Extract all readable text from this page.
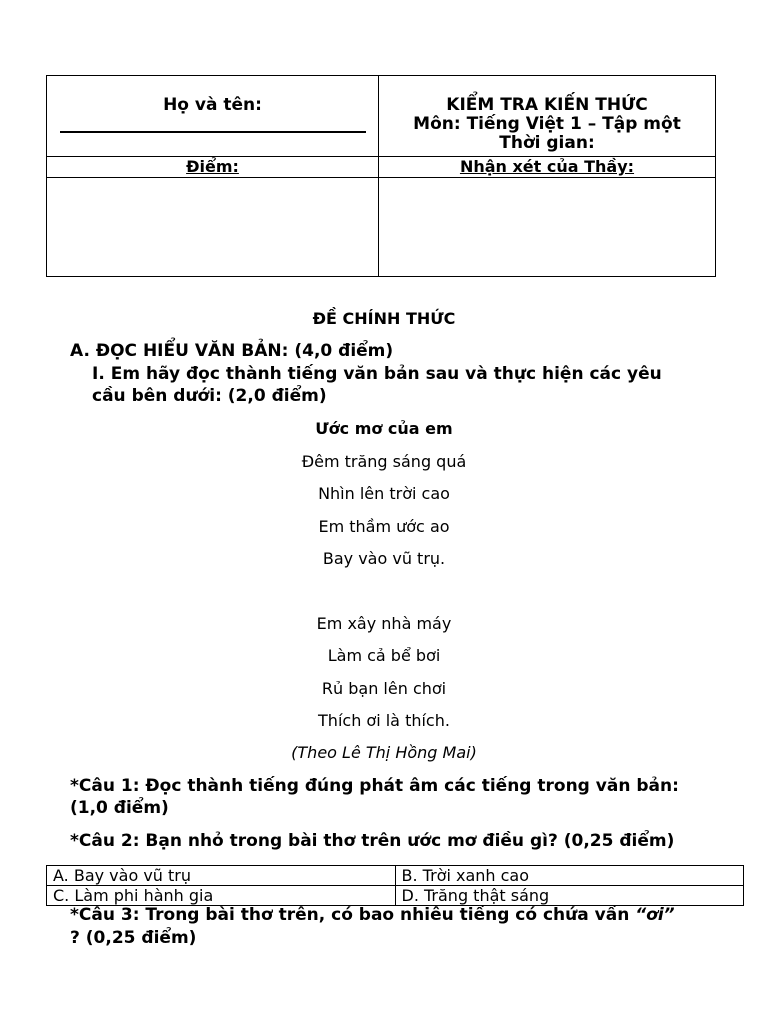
Họ và tên:	KIỂM TRA KIẾN THỨC
Môn: Tiếng Việt 1 – Tập một
Thời gian:

Điểm:	Nhận xét của Thầy:

ĐỀ CHÍNH THỨC
A. ĐỌC HIỂU VĂN BẢN: (4,0 điểm)
I. Em hãy đọc thành tiếng văn bản sau và thực hiện các yêu
cầu bên dưới: (2,0 điểm)
Ước mơ của em
Đêm trăng sáng quá
Nhìn lên trời cao
Em thầm ước ao
Bay vào vũ trụ.
Em xây nhà máy
Làm cả bể bơi
Rủ bạn lên chơi
Thích ơi là thích.
(Theo Lê Thị Hồng Mai)
*Câu 1: Đọc thành tiếng đúng phát âm các tiếng trong văn bản:
(1,0 điểm)
*Câu 2: Bạn nhỏ trong bài thơ trên ước mơ điều gì? (0,25 điểm)
A. Bay vào vũ trụ	B. Trời xanh cao
C. Làm phi hành gia	D. Trăng thật sáng
*Câu 3: Trong bài thơ trên, có bao nhiêu tiếng có chứa vần “ơi”
? (0,25 điểm)
